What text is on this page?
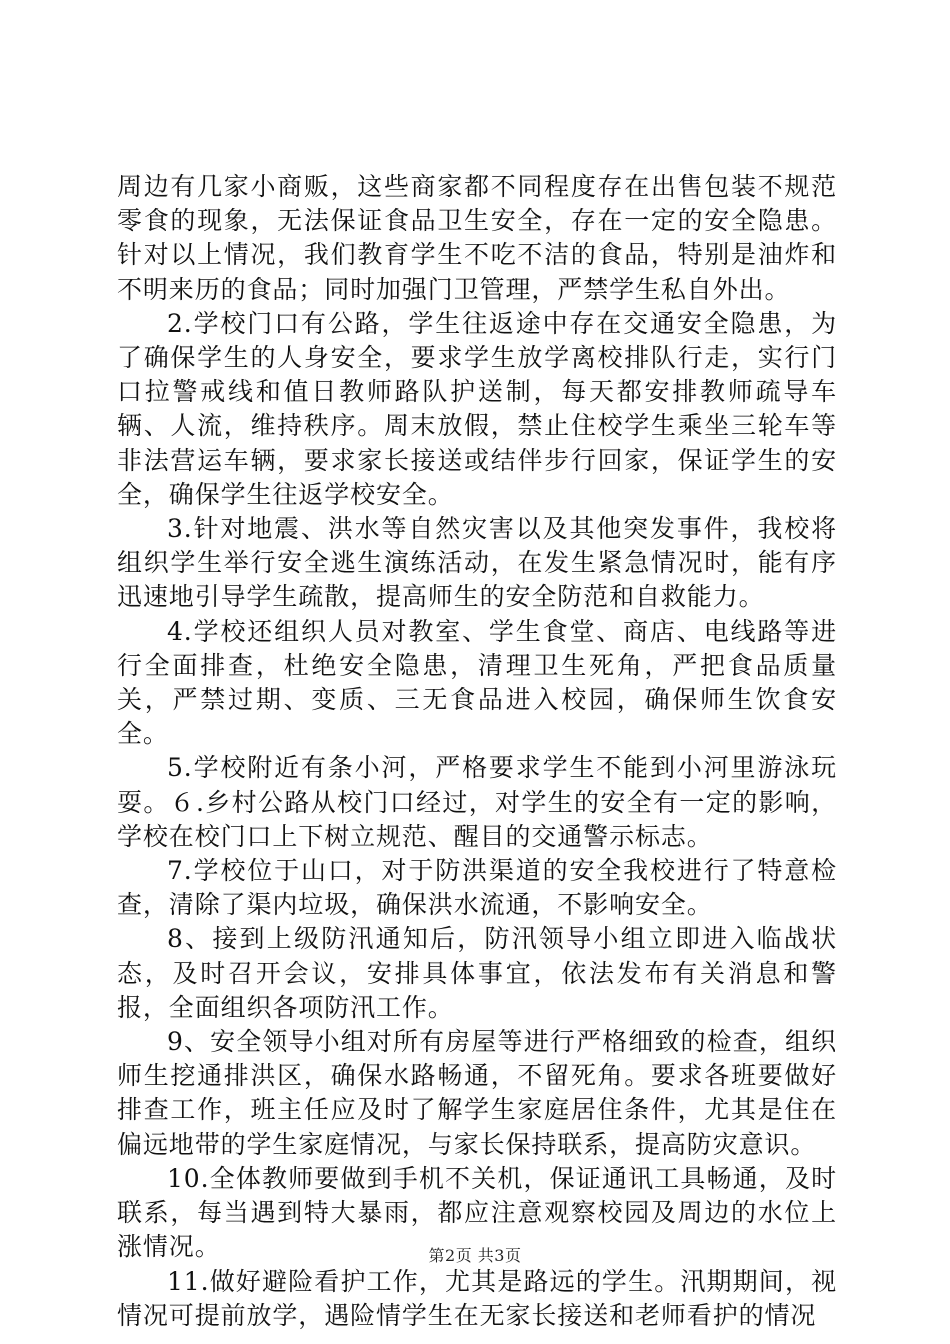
周边有几家小商贩，这些商家都不同程度存在出售包装不规范零食的现象，无法保证食品卫生安全，存在一定的安全隐患。针对以上情况，我们教育学生不吃不洁的食品，特别是油炸和不明来历的食品；同时加强门卫管理，严禁学生私自外出。

2.学校门口有公路，学生往返途中存在交通安全隐患，为了确保学生的人身安全，要求学生放学离校排队行走，实行门口拉警戒线和值日教师路队护送制，每天都安排教师疏导车辆、人流，维持秩序。周末放假，禁止住校学生乘坐三轮车等非法营运车辆，要求家长接送或结伴步行回家，保证学生的安全，确保学生往返学校安全。

3.针对地震、洪水等自然灾害以及其他突发事件，我校将组织学生举行安全逃生演练活动，在发生紧急情况时，能有序迅速地引导学生疏散，提高师生的安全防范和自救能力。

4.学校还组织人员对教室、学生食堂、商店、电线路等进行全面排查，杜绝安全隐患，清理卫生死角，严把食品质量关，严禁过期、变质、三无食品进入校园，确保师生饮食安全。

5.学校附近有条小河，严格要求学生不能到小河里游泳玩耍。６.乡村公路从校门口经过，对学生的安全有一定的影响，学校在校门口上下树立规范、醒目的交通警示标志。

7.学校位于山口，对于防洪渠道的安全我校进行了特意检查，清除了渠内垃圾，确保洪水流通，不影响安全。

8、接到上级防汛通知后，防汛领导小组立即进入临战状态，及时召开会议，安排具体事宜，依法发布有关消息和警报，全面组织各项防汛工作。

9、安全领导小组对所有房屋等进行严格细致的检查，组织师生挖通排洪区，确保水路畅通，不留死角。要求各班要做好排查工作，班主任应及时了解学生家庭居住条件，尤其是住在偏远地带的学生家庭情况，与家长保持联系，提高防灾意识。

10.全体教师要做到手机不关机，保证通讯工具畅通，及时联系，每当遇到特大暴雨，都应注意观察校园及周边的水位上涨情况。

11.做好避险看护工作，尤其是路远的学生。汛期期间，视情况可提前放学，遇险情学生在无家长接送和老师看护的情况

第2页 共3页
